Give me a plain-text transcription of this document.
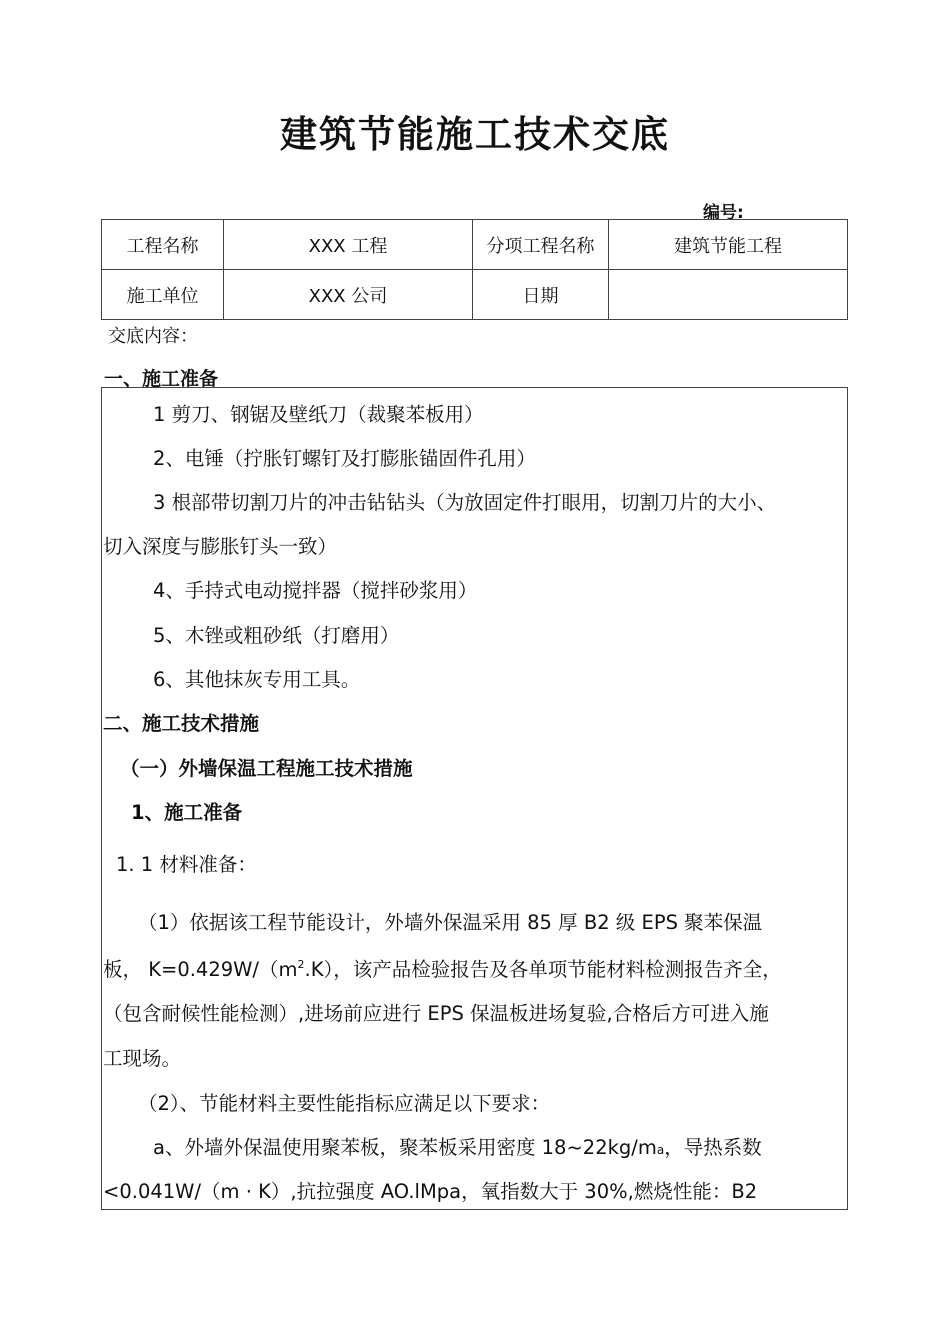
建筑节能施工技术交底
编号:
工程名称	XXX 工程	分项工程名称	建筑节能工程
施工单位	XXX 公司	日期	
交底内容：
一、施工准备
1 剪刀、钢锯及壁纸刀（裁聚苯板用）
2、电锤（拧胀钉螺钉及打膨胀锚固件孔用）
3 根部带切割刀片的冲击钻钻头（为放固定件打眼用，切割刀片的大小、
切入深度与膨胀钉头一致）
4、手持式电动搅拌器（搅拌砂浆用）
5、木锉或粗砂纸（打磨用）
6、其他抹灰专用工具。
二、施工技术措施
（一）外墙保温工程施工技术措施
1、施工准备
1. 1 材料准备：
（1）依据该工程节能设计，外墙外保温采用 85 厚 B2 级 EPS 聚苯保温
板， $K=0.429W/(m^2.K)$，该产品检验报告及各单项节能材料检测报告齐全，
（包含耐候性能检测）,进场前应进行 EPS 保温板进场复验,合格后方可进入施
工现场。
（2）、节能材料主要性能指标应满足以下要求：
a、外墙外保温使用聚苯板，聚苯板采用密度 18~22kg/ma，导热系数
<0.041W/（m · K）,抗拉强度 AO.lMpa，氧指数大于 30%,燃烧性能：B2
